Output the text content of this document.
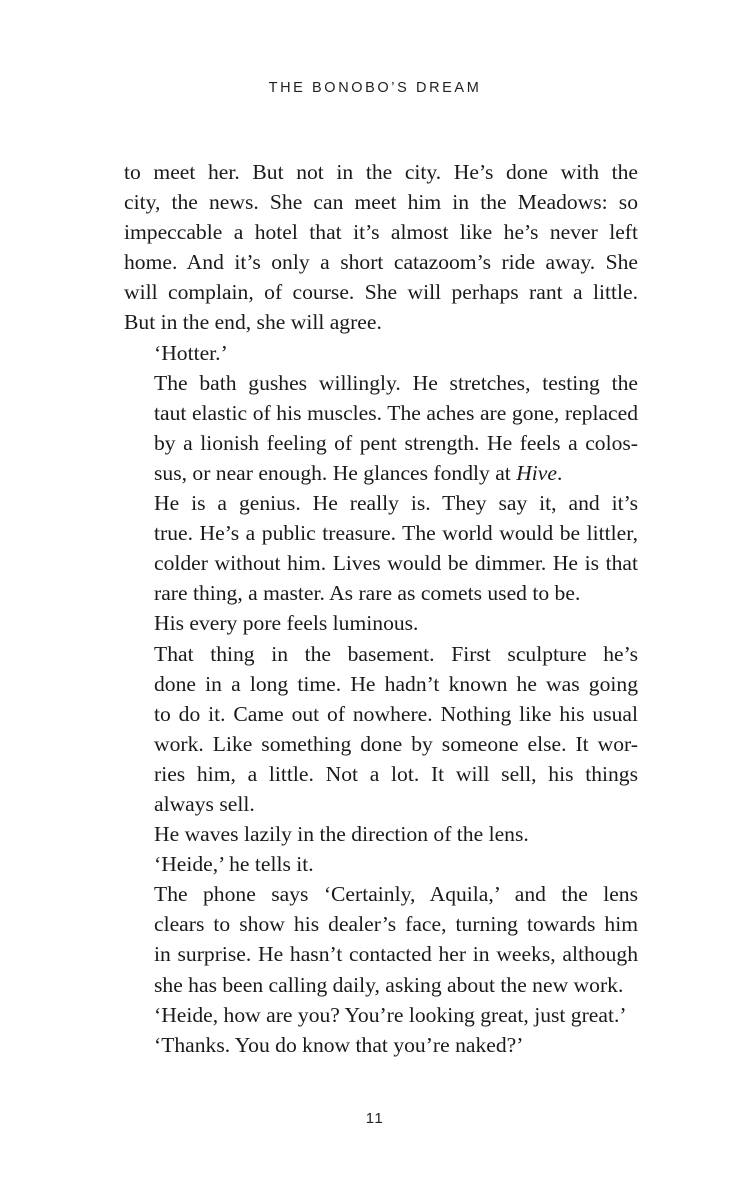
THE BONOBO’S DREAM

to meet her. But not in the city. He’s done with the
city, the news. She can meet him in the Meadows: so
impeccable a hotel that it’s almost like he’s never left
home. And it’s only a short catazoom’s ride away. She
will complain, of course. She will perhaps rant a little.
But in the end, she will agree.

‘Hotter.’

The bath gushes willingly. He stretches, testing the
taut elastic of his muscles. The aches are gone, replaced
by a lionish feeling of pent strength. He feels a colos-
sus, or near enough. He glances fondly at Hive.

He is a genius. He really is. They say it, and it’s
true. He’s a public treasure. The world would be littler,
colder without him. Lives would be dimmer. He is that
rare thing, a master. As rare as comets used to be.

His every pore feels luminous.

That thing in the basement. First sculpture he’s
done in a long time. He hadn’t known he was going
to do it. Came out of nowhere. Nothing like his usual
work. Like something done by someone else. It wor-
ries him, a little. Not a lot. It will sell, his things
always sell.

He waves lazily in the direction of the lens.

‘Heide,’ he tells it.

The phone says ‘Certainly, Aquila,’ and the lens
clears to show his dealer’s face, turning towards him
in surprise. He hasn’t contacted her in weeks, although
she has been calling daily, asking about the new work.

‘Heide, how are you? You’re looking great, just great.’

‘Thanks. You do know that you’re naked?’

11
